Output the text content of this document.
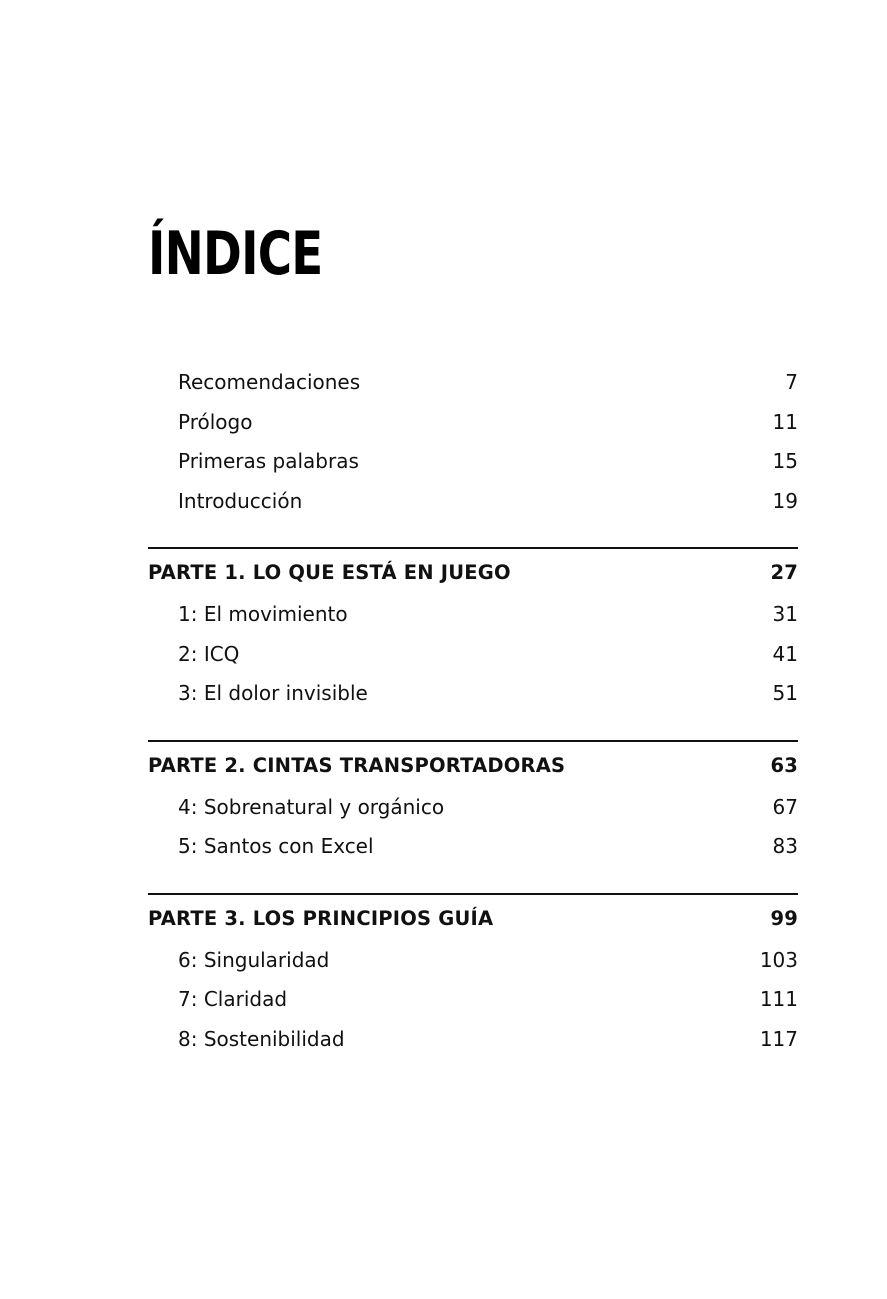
ÍNDICE
Recomendaciones	7
Prólogo	11
Primeras palabras	15
Introducción	19
PARTE 1. LO QUE ESTÁ EN JUEGO	27
1: El movimiento	31
2: ICQ	41
3: El dolor invisible	51
PARTE 2. CINTAS TRANSPORTADORAS	63
4: Sobrenatural y orgánico	67
5: Santos con Excel	83
PARTE 3. LOS PRINCIPIOS GUÍA	99
6: Singularidad	103
7: Claridad	111
8: Sostenibilidad	117
